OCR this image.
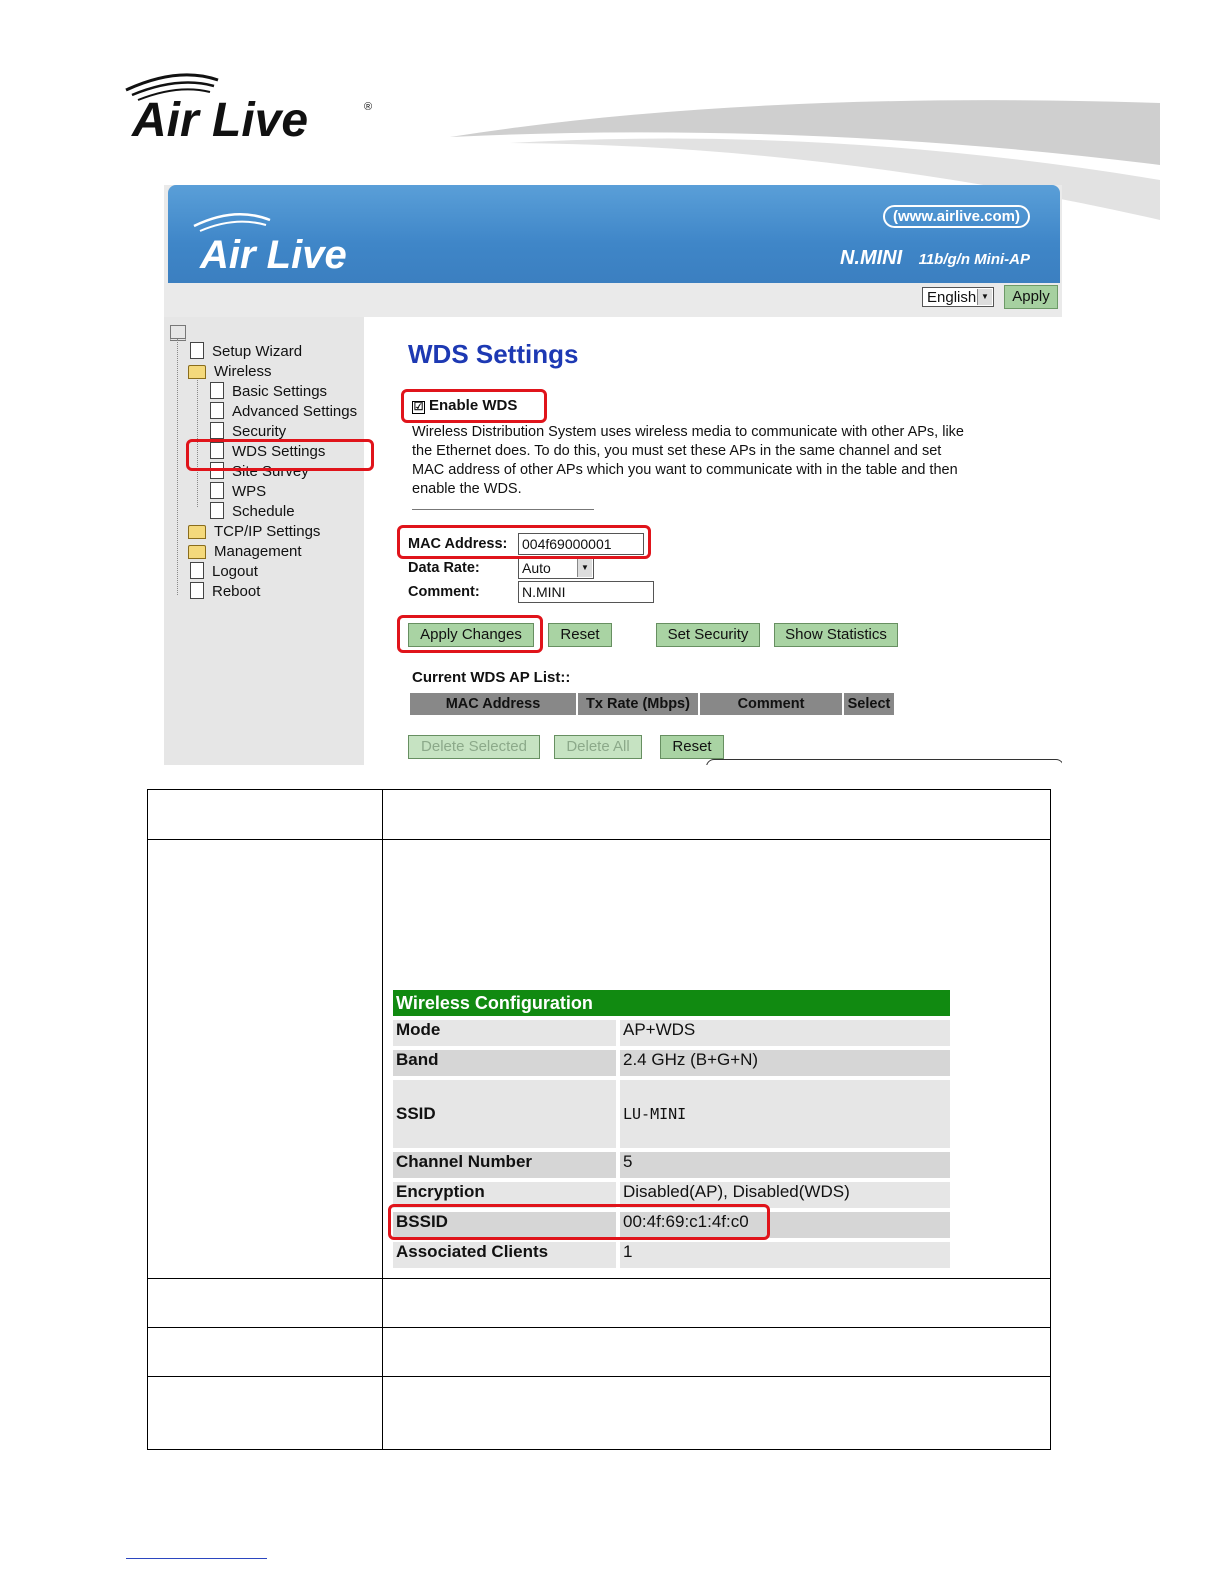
Air Live	®
Air Live
(www.airlive.com)
N.MINI 11b/g/n Mini-AP
English ▼	Apply
Setup Wizard
Wireless
Basic Settings
Advanced Settings
Security
WDS Settings
Site Survey
WPS
Schedule
TCP/IP Settings
Management
Logout
Reboot
WDS Settings
☑ Enable WDS
Wireless Distribution System uses wireless media to communicate with other APs, like the Ethernet does. To do this, you must set these APs in the same channel and set MAC address of other APs which you want to communicate with in the table and then enable the WDS.
MAC Address: 004f69000001
Data Rate:	Auto	▼
Comment:	N.MINI
Apply Changes	Reset	Set Security	Show Statistics
Current WDS AP List::
MAC Address	Tx Rate (Mbps)	Comment	Select
Delete Selected	Delete All	Reset
Wireless Configuration
Mode	AP+WDS
Band	2.4 GHz (B+G+N)
SSID	LU-MINI
Channel Number	5
Encryption	Disabled(AP), Disabled(WDS)
BSSID	00:4f:69:c1:4f:c0
Associated Clients	1
